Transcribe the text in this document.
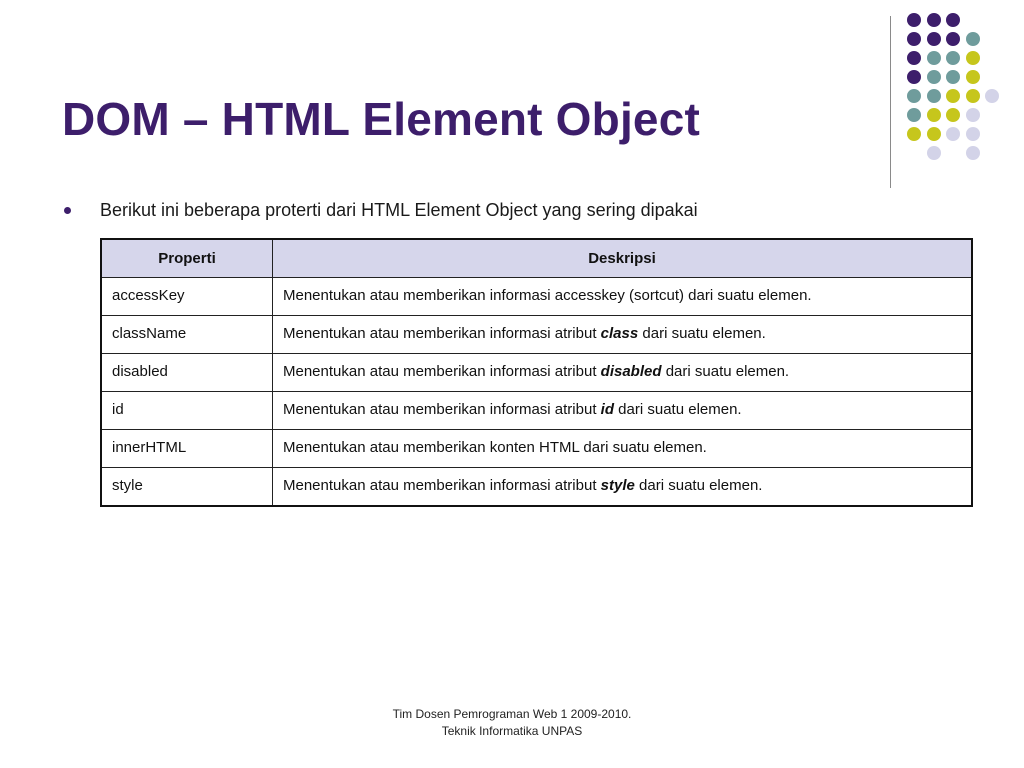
DOM – HTML Element Object
Berikut ini beberapa proterti dari HTML Element Object yang sering dipakai
Properti	Deskripsi
accessKey	Menentukan atau memberikan informasi accesskey (sortcut) dari suatu elemen.
className	Menentukan atau memberikan informasi atribut class dari suatu elemen.
disabled	Menentukan atau memberikan informasi atribut disabled dari suatu elemen.
id	Menentukan atau memberikan informasi atribut id dari suatu elemen.
innerHTML	Menentukan atau memberikan konten HTML dari suatu elemen.
style	Menentukan atau memberikan informasi atribut style dari suatu elemen.
Tim Dosen Pemrograman Web 1 2009-2010.
Teknik Informatika UNPAS
